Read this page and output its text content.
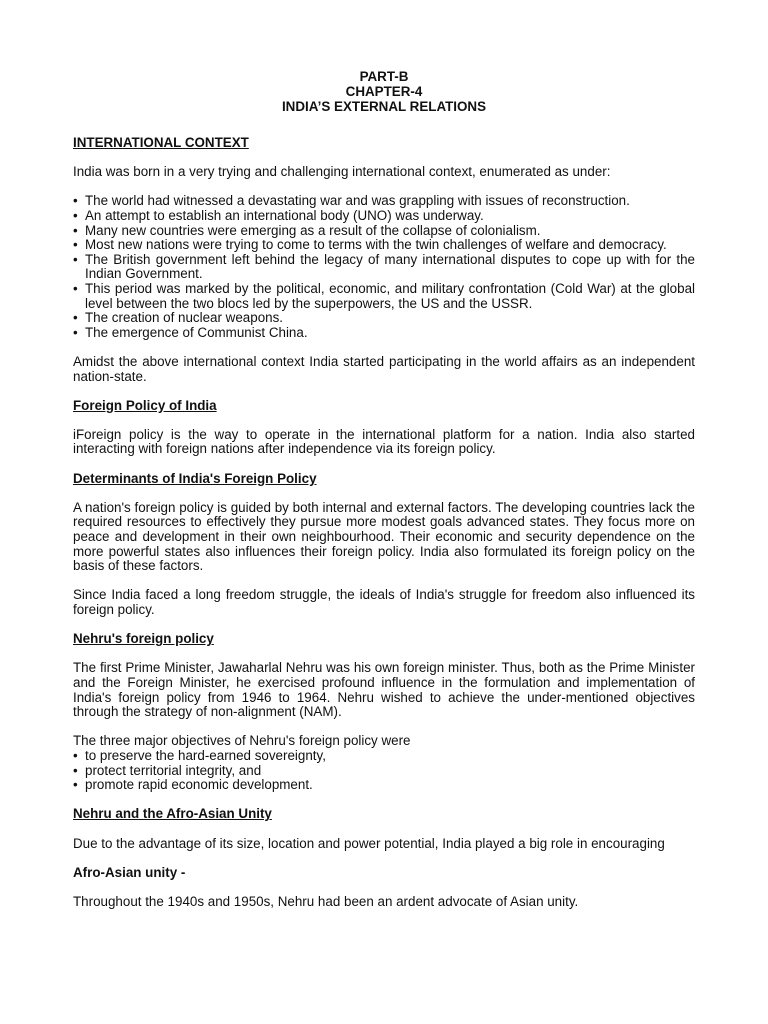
PART-B
CHAPTER-4
INDIA’S EXTERNAL RELATIONS
INTERNATIONAL CONTEXT

India was born in a very trying and challenging international context, enumerated as under:

• The world had witnessed a devastating war and was grappling with issues of reconstruction.
• An attempt to establish an international body (UNO) was underway.
• Many new countries were emerging as a result of the collapse of colonialism.
• Most new nations were trying to come to terms with the twin challenges of welfare and democracy.
• The British government left behind the legacy of many international disputes to cope up with for the Indian Government.
• This period was marked by the political, economic, and military confrontation (Cold War) at the global level between the two blocs led by the superpowers, the US and the USSR.
• The creation of nuclear weapons.
• The emergence of Communist China.

Amidst the above international context India started participating in the world affairs as an independent nation-state.

Foreign Policy of India

iForeign policy is the way to operate in the international platform for a nation. India also started interacting with foreign nations after independence via its foreign policy.

Determinants of India's Foreign Policy

A nation's foreign policy is guided by both internal and external factors. The developing countries lack the required resources to effectively they pursue more modest goals advanced states. They focus more on peace and development in their own neighbourhood. Their economic and security dependence on the more powerful states also influences their foreign policy. India also formulated its foreign policy on the basis of these factors.

Since India faced a long freedom struggle, the ideals of India's struggle for freedom also influenced its foreign policy.

Nehru's foreign policy

The first Prime Minister, Jawaharlal Nehru was his own foreign minister. Thus, both as the Prime Minister and the Foreign Minister, he exercised profound influence in the formulation and implementation of India's foreign policy from 1946 to 1964. Nehru wished to achieve the under-mentioned objectives through the strategy of non-alignment (NAM).

The three major objectives of Nehru's foreign policy were

• to preserve the hard-earned sovereignty,
• protect territorial integrity, and
• promote rapid economic development.
Nehru and the Afro-Asian Unity

Due to the advantage of its size, location and power potential, India played a big role in encouraging

Afro-Asian unity -

Throughout the 1940s and 1950s, Nehru had been an ardent advocate of Asian unity.
